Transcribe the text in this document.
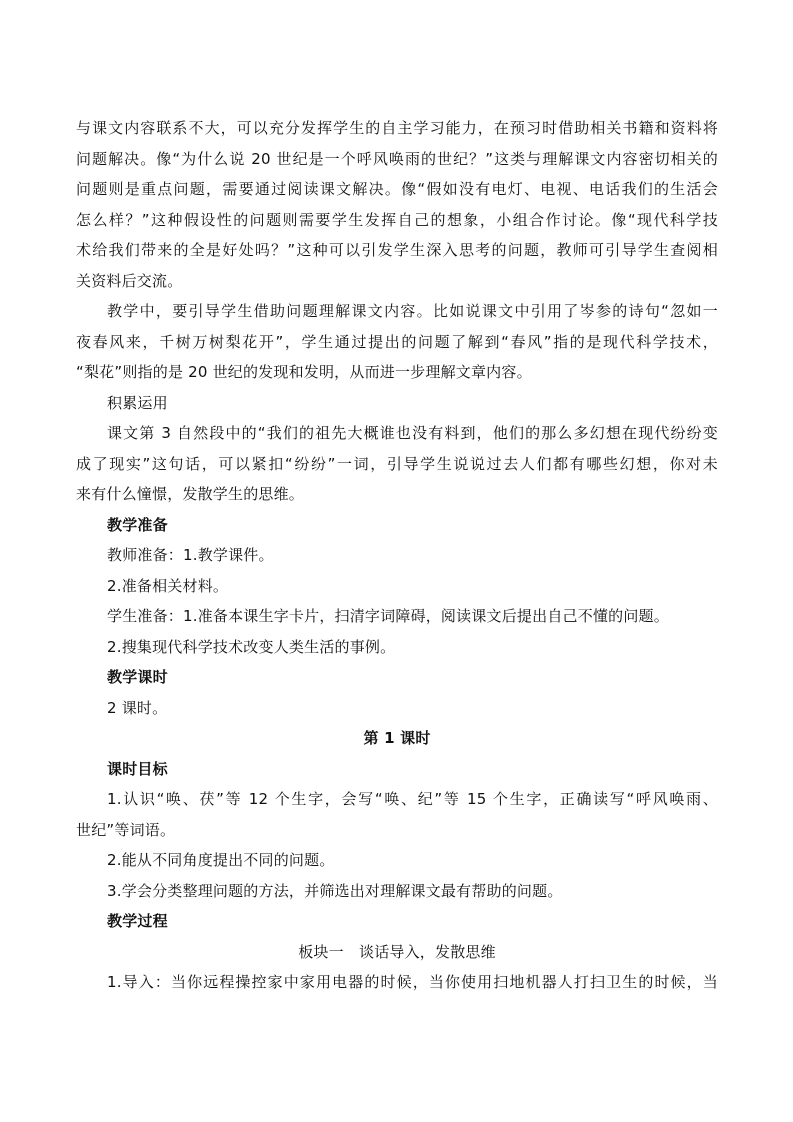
与课文内容联系不大，可以充分发挥学生的自主学习能力，在预习时借助相关书籍和资料将
问题解决。像“为什么说 20 世纪是一个呼风唤雨的世纪？”这类与理解课文内容密切相关的
问题则是重点问题，需要通过阅读课文解决。像“假如没有电灯、电视、电话我们的生活会
怎么样？”这种假设性的问题则需要学生发挥自己的想象，小组合作讨论。像“现代科学技
术给我们带来的全是好处吗？”这种可以引发学生深入思考的问题，教师可引导学生查阅相
关资料后交流。
教学中，要引导学生借助问题理解课文内容。比如说课文中引用了岑参的诗句“忽如一
夜春风来，千树万树梨花开”，学生通过提出的问题了解到“春风”指的是现代科学技术，
“梨花”则指的是 20 世纪的发现和发明，从而进一步理解文章内容。
积累运用
课文第 3 自然段中的“我们的祖先大概谁也没有料到，他们的那么多幻想在现代纷纷变
成了现实”这句话，可以紧扣“纷纷”一词，引导学生说说过去人们都有哪些幻想，你对未
来有什么憧憬，发散学生的思维。
教学准备
教师准备：1.教学课件。
2.准备相关材料。
学生准备：1.准备本课生字卡片，扫清字词障碍，阅读课文后提出自己不懂的问题。
2.搜集现代科学技术改变人类生活的事例。
教学课时
2 课时。
第 1 课时
课时目标
1.认识“唤、茯”等 12 个生字，会写“唤、纪”等 15 个生字，正确读写“呼风唤雨、
世纪”等词语。
2.能从不同角度提出不同的问题。
3.学会分类整理问题的方法，并筛选出对理解课文最有帮助的问题。
教学过程
板块一　谈话导入，发散思维
1.导入：当你远程操控家中家用电器的时候，当你使用扫地机器人打扫卫生的时候，当
